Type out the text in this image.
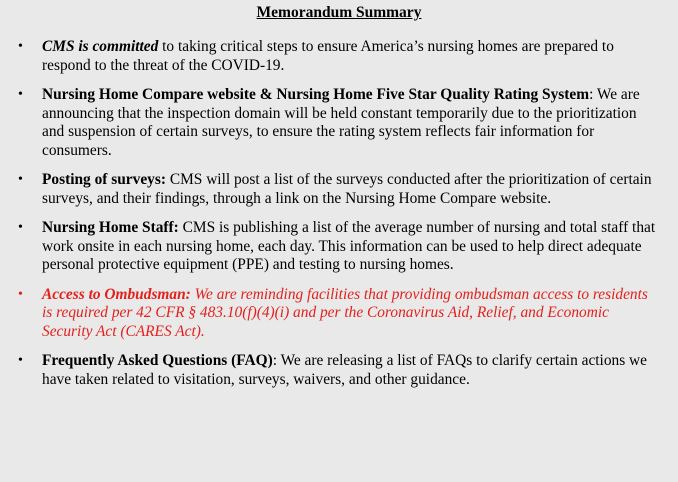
Memorandum Summary
• CMS is committed to taking critical steps to ensure America’s nursing homes are prepared to respond to the threat of the COVID-19.
• Nursing Home Compare website & Nursing Home Five Star Quality Rating System: We are announcing that the inspection domain will be held constant temporarily due to the prioritization and suspension of certain surveys, to ensure the rating system reflects fair information for consumers.
• Posting of surveys: CMS will post a list of the surveys conducted after the prioritization of certain surveys, and their findings, through a link on the Nursing Home Compare website.
• Nursing Home Staff: CMS is publishing a list of the average number of nursing and total staff that work onsite in each nursing home, each day. This information can be used to help direct adequate personal protective equipment (PPE) and testing to nursing homes.
• Access to Ombudsman: We are reminding facilities that providing ombudsman access to residents is required per 42 CFR § 483.10(f)(4)(i) and per the Coronavirus Aid, Relief, and Economic Security Act (CARES Act).
• Frequently Asked Questions (FAQ): We are releasing a list of FAQs to clarify certain actions we have taken related to visitation, surveys, waivers, and other guidance.
